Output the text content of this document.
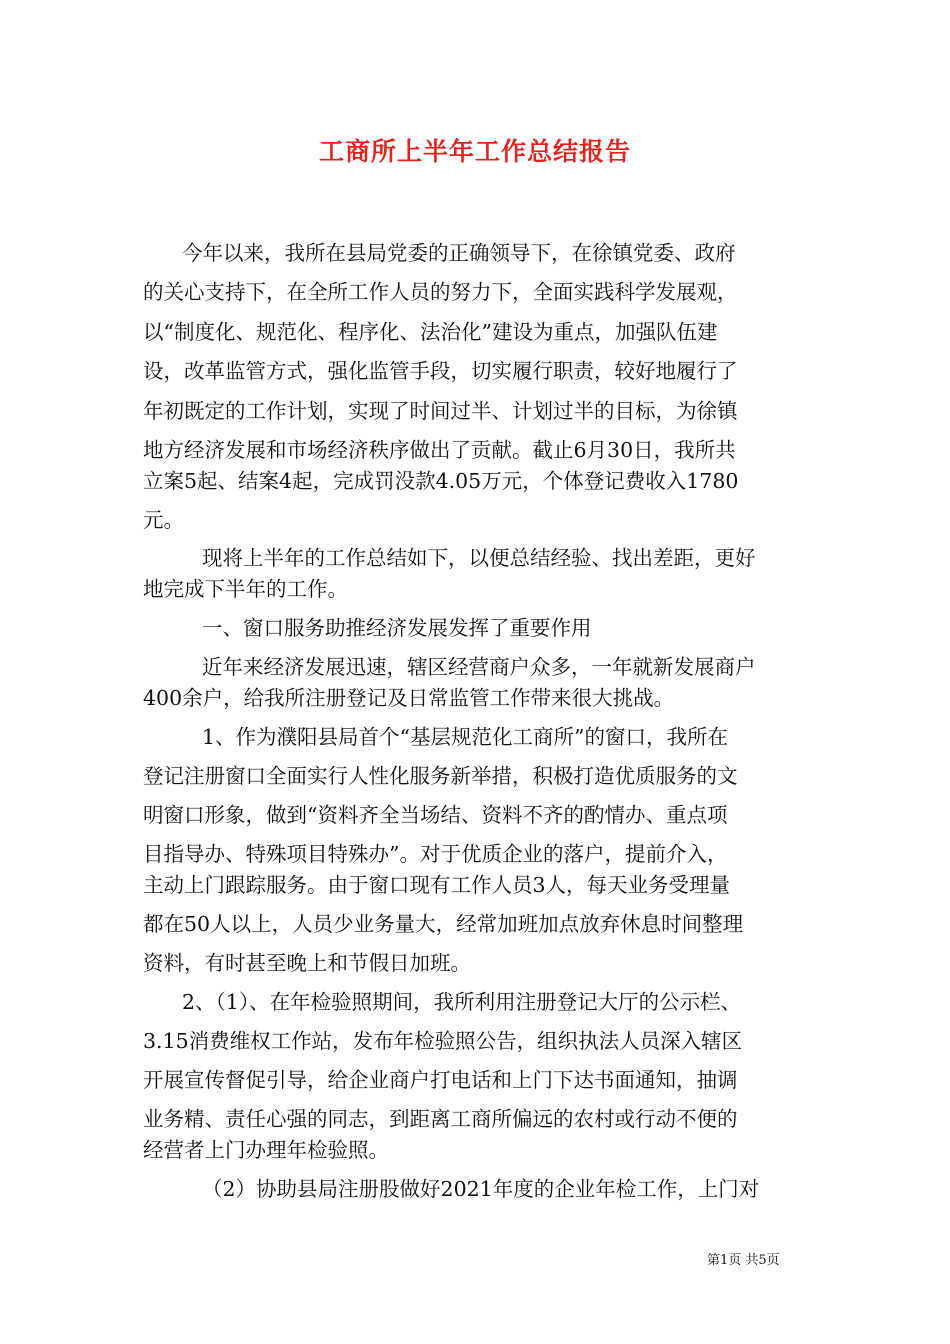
工商所上半年工作总结报告
今年以来，我所在县局党委的正确领导下，在徐镇党委、政府
的关心支持下，在全所工作人员的努力下，全面实践科学发展观，
以“制度化、规范化、程序化、法治化”建设为重点，加强队伍建
设，改革监管方式，强化监管手段，切实履行职责，较好地履行了
年初既定的工作计划，实现了时间过半、计划过半的目标，为徐镇
地方经济发展和市场经济秩序做出了贡献。截止6月30日，我所共
立案5起、结案4起，完成罚没款4.05万元，个体登记费收入1780
元。
现将上半年的工作总结如下，以便总结经验、找出差距，更好
地完成下半年的工作。
一、窗口服务助推经济发展发挥了重要作用
近年来经济发展迅速，辖区经营商户众多，一年就新发展商户
400余户，给我所注册登记及日常监管工作带来很大挑战。
1、作为濮阳县局首个“基层规范化工商所”的窗口，我所在
登记注册窗口全面实行人性化服务新举措，积极打造优质服务的文
明窗口形象，做到“资料齐全当场结、资料不齐的酌情办、重点项
目指导办、特殊项目特殊办”。对于优质企业的落户，提前介入，
主动上门跟踪服务。由于窗口现有工作人员3人，每天业务受理量
都在50人以上，人员少业务量大，经常加班加点放弃休息时间整理
资料，有时甚至晚上和节假日加班。
2、（1）、在年检验照期间，我所利用注册登记大厅的公示栏、
3.15消费维权工作站，发布年检验照公告，组织执法人员深入辖区
开展宣传督促引导，给企业商户打电话和上门下达书面通知，抽调
业务精、责任心强的同志，到距离工商所偏远的农村或行动不便的
经营者上门办理年检验照。
（2）协助县局注册股做好2021年度的企业年检工作，上门对
第1页 共5页
